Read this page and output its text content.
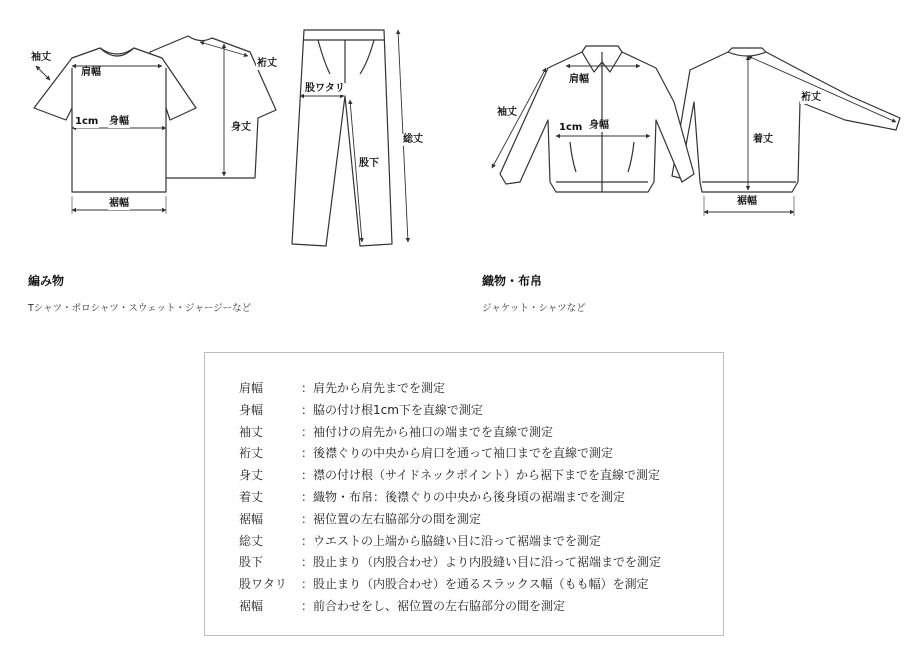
袖丈
肩幅
裄丈
1cm 身幅
身丈
裾幅
股ワタリ
股下
総丈
肩幅
袖丈
1cm 身幅
裄丈
着丈
裾幅
編み物
Tシャツ・ポロシャツ・スウェット・ジャージーなど
織物・布帛
ジャケット・シャツなど
肩幅	：肩先から肩先までを測定
身幅	：脇の付け根1cm下を直線で測定
袖丈	：袖付けの肩先から袖口の端までを直線で測定
裄丈	：後襟ぐりの中央から肩口を通って袖口までを直線で測定
身丈	：襟の付け根（サイドネックポイント）から裾下までを直線で測定
着丈	：織物・布帛：後襟ぐりの中央から後身頃の裾端までを測定
裾幅	：裾位置の左右脇部分の間を測定
総丈	：ウエストの上端から脇縫い目に沿って裾端までを測定
股下	：股止まり（内股合わせ）より内股縫い目に沿って裾端までを測定
股ワタリ	：股止まり（内股合わせ）を通るスラックス幅（もも幅）を測定
裾幅	：前合わせをし、裾位置の左右脇部分の間を測定
